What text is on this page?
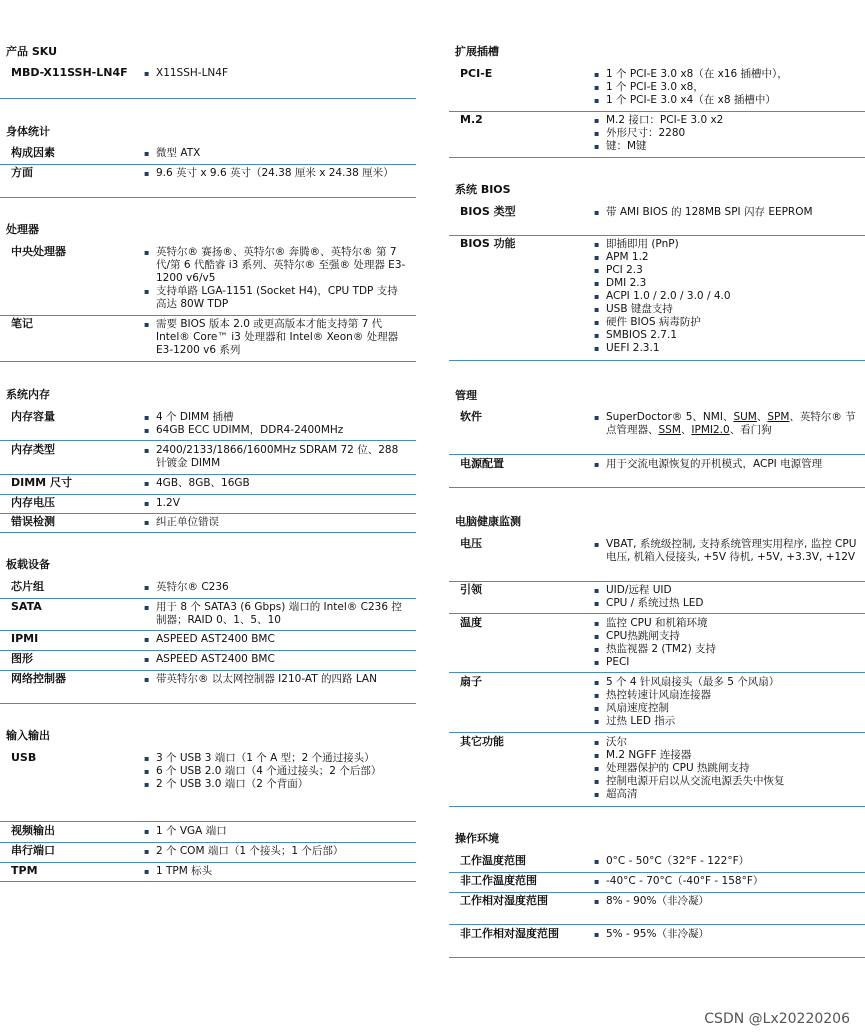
产品 SKU
MBD-X11SSH-LN4F	▪ X11SSH-LN4F
身体统计
构成因素	▪ 微型 ATX
方面	▪ 9.6 英寸 x 9.6 英寸（24.38 厘米 x 24.38 厘米）
处理器
中央处理器	▪ 英特尔® 赛扬®、英特尔® 奔腾®、英特尔® 第 7 代/第 6 代酷睿 i3 系列、英特尔® 至强® 处理器 E3-1200 v6/v5
▪ 支持单路 LGA-1151 (Socket H4)，CPU TDP 支持高达 80W TDP
笔记	▪ 需要 BIOS 版本 2.0 或更高版本才能支持第 7 代 Intel® Core™ i3 处理器和 Intel® Xeon® 处理器 E3-1200 v6 系列
系统内存
内存容量	▪ 4 个 DIMM 插槽
▪ 64GB ECC UDIMM，DDR4-2400MHz
内存类型	▪ 2400/2133/1866/1600MHz SDRAM 72 位、288 针镀金 DIMM
DIMM 尺寸	▪ 4GB、8GB、16GB
内存电压	▪ 1.2V
错误检测	▪ 纠正单位错误
板载设备
芯片组	▪ 英特尔® C236
SATA	▪ 用于 8 个 SATA3 (6 Gbps) 端口的 Intel® C236 控制器；RAID 0、1、5、10
IPMI	▪ ASPEED AST2400 BMC
图形	▪ ASPEED AST2400 BMC
网络控制器	▪ 带英特尔® 以太网控制器 I210-AT 的四路 LAN
输入输出
USB	▪ 3 个 USB 3 端口（1 个 A 型；2 个通过接头）
▪ 6 个 USB 2.0 端口（4 个通过接头；2 个后部）
▪ 2 个 USB 3.0 端口（2 个背面）
视频输出	▪ 1 个 VGA 端口
串行端口	▪ 2 个 COM 端口（1 个接头；1 个后部）
TPM	▪ 1 TPM 标头
扩展插槽
PCI-E	▪ 1 个 PCI-E 3.0 x8（在 x16 插槽中），
▪ 1 个 PCI-E 3.0 x8，
▪ 1 个 PCI-E 3.0 x4（在 x8 插槽中）
M.2	▪ M.2 接口：PCI-E 3.0 x2
▪ 外形尺寸：2280
▪ 键：M键
系统 BIOS
BIOS 类型	▪ 带 AMI BIOS 的 128MB SPI 闪存 EEPROM
BIOS 功能	▪ 即插即用 (PnP)
▪ APM 1.2
▪ PCI 2.3
▪ DMI 2.3
▪ ACPI 1.0 / 2.0 / 3.0 / 4.0
▪ USB 键盘支持
▪ 硬件 BIOS 病毒防护
▪ SMBIOS 2.7.1
▪ UEFI 2.3.1
管理
软件	▪ SuperDoctor® 5、NMI、SUM、SPM、英特尔® 节点管理器、SSM、IPMI2.0、看门狗
电源配置	▪ 用于交流电源恢复的开机模式，ACPI 电源管理
电脑健康监测
电压	▪ VBAT, 系统级控制, 支持系统管理实用程序, 监控 CPU 电压, 机箱入侵接头, +5V 待机, +5V, +3.3V, +12V
引领	▪ UID/远程 UID
▪ CPU / 系统过热 LED
温度	▪ 监控 CPU 和机箱环境
▪ CPU热跳闸支持
▪ 热监视器 2 (TM2) 支持
▪ PECI
扇子	▪ 5 个 4 针风扇接头（最多 5 个风扇）
▪ 热控转速计风扇连接器
▪ 风扇速度控制
▪ 过热 LED 指示
其它功能	▪ 沃尔
▪ M.2 NGFF 连接器
▪ 处理器保护的 CPU 热跳闸支持
▪ 控制电源开启以从交流电源丢失中恢复
▪ 超高清
操作环境
工作温度范围	▪ 0°C - 50°C（32°F - 122°F）
非工作温度范围	▪ -40°C - 70°C（-40°F - 158°F）
工作相对湿度范围	▪ 8% - 90%（非冷凝）
非工作相对湿度范围	▪ 5% - 95%（非冷凝）
CSDN @Lx20220206
